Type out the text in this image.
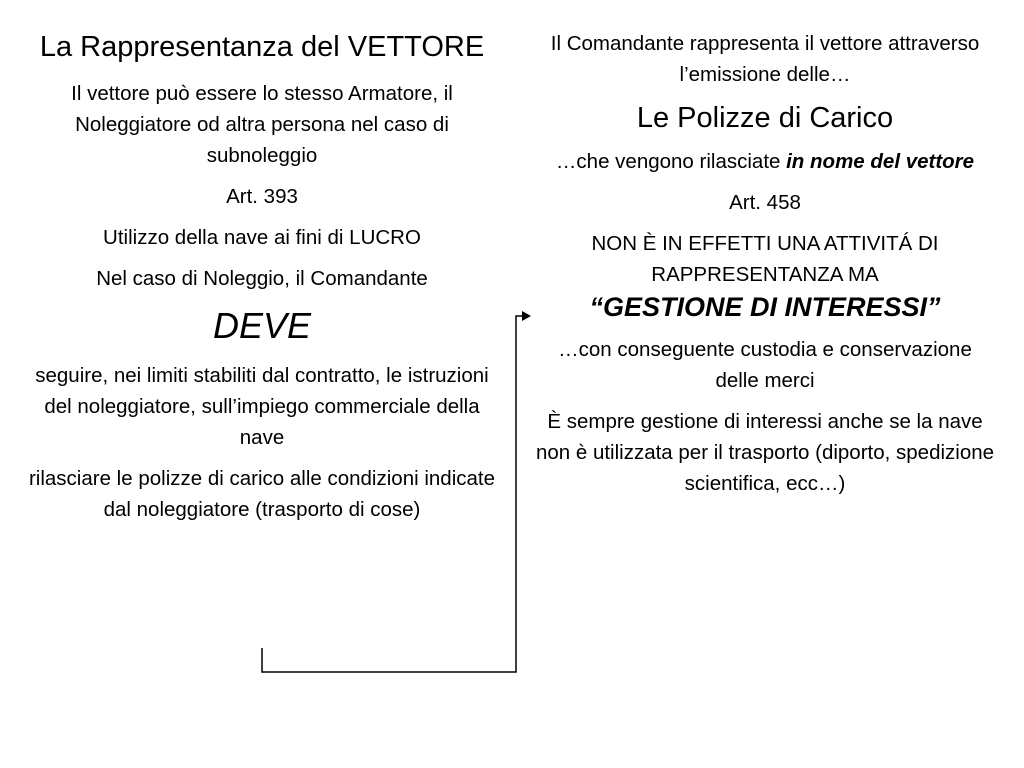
La Rappresentanza del VETTORE

Il vettore può essere lo stesso Armatore, il Noleggiatore od altra persona nel caso di subnoleggio

Art. 393

Utilizzo della nave ai fini di LUCRO

Nel caso di Noleggio, il Comandante

DEVE

seguire, nei limiti stabiliti dal contratto, le istruzioni del noleggiatore, sull’impiego commerciale della nave

rilasciare le polizze di carico alle condizioni indicate dal noleggiatore (trasporto di cose)

Il Comandante rappresenta il vettore attraverso l’emissione delle…

Le Polizze di Carico

…che vengono rilasciate in nome del vettore

Art. 458

NON È IN EFFETTI UNA ATTIVITÁ DI RAPPRESENTANZA MA
“GESTIONE DI INTERESSI”

…con conseguente custodia e conservazione delle merci

È sempre gestione di interessi anche se la nave non è utilizzata per il trasporto (diporto, spedizione scientifica, ecc…)
